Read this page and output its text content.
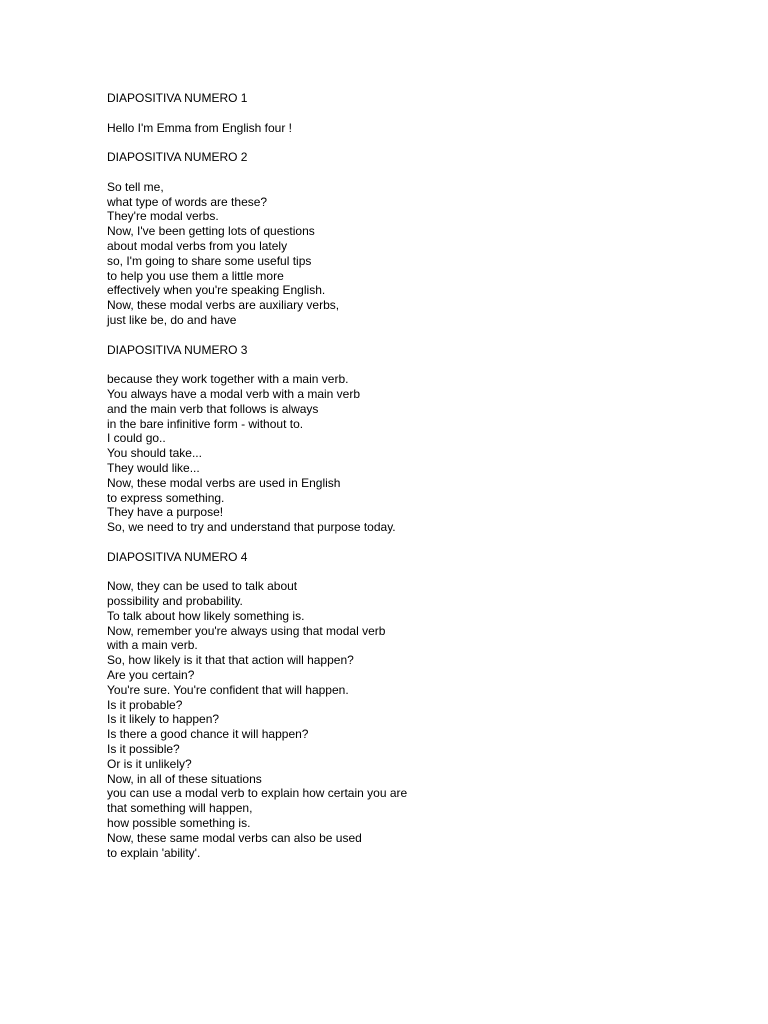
DIAPOSITIVA NUMERO 1

Hello I'm Emma from English four !

DIAPOSITIVA NUMERO 2

So tell me,
what type of words are these?
They're modal verbs.
Now, I've been getting lots of questions
about modal verbs from you lately
so, I'm going to share some useful tips
to help you use them a little more
effectively when you're speaking English.
Now, these modal verbs are auxiliary verbs,
just like be, do and have

DIAPOSITIVA NUMERO 3

because they work together with a main verb.
You always have a modal verb with a main verb
and the main verb that follows is always
in the bare infinitive form - without to.
I could go..
You should take...
They would like...
Now, these modal verbs are used in English
to express something.
They have a purpose!
So, we need to try and understand that purpose today.

DIAPOSITIVA NUMERO 4

Now, they can be used to talk about
possibility and probability.
To talk about how likely something is.
Now, remember you're always using that modal verb
with a main verb.
So, how likely is it that that action will happen?
Are you certain?
You're sure. You're confident that will happen.
Is it probable?
Is it likely to happen?
Is there a good chance it will happen?
Is it possible?
Or is it unlikely?
Now, in all of these situations
you can use a modal verb to explain how certain you are
that something will happen,
how possible something is.
Now, these same modal verbs can also be used
to explain 'ability'.
